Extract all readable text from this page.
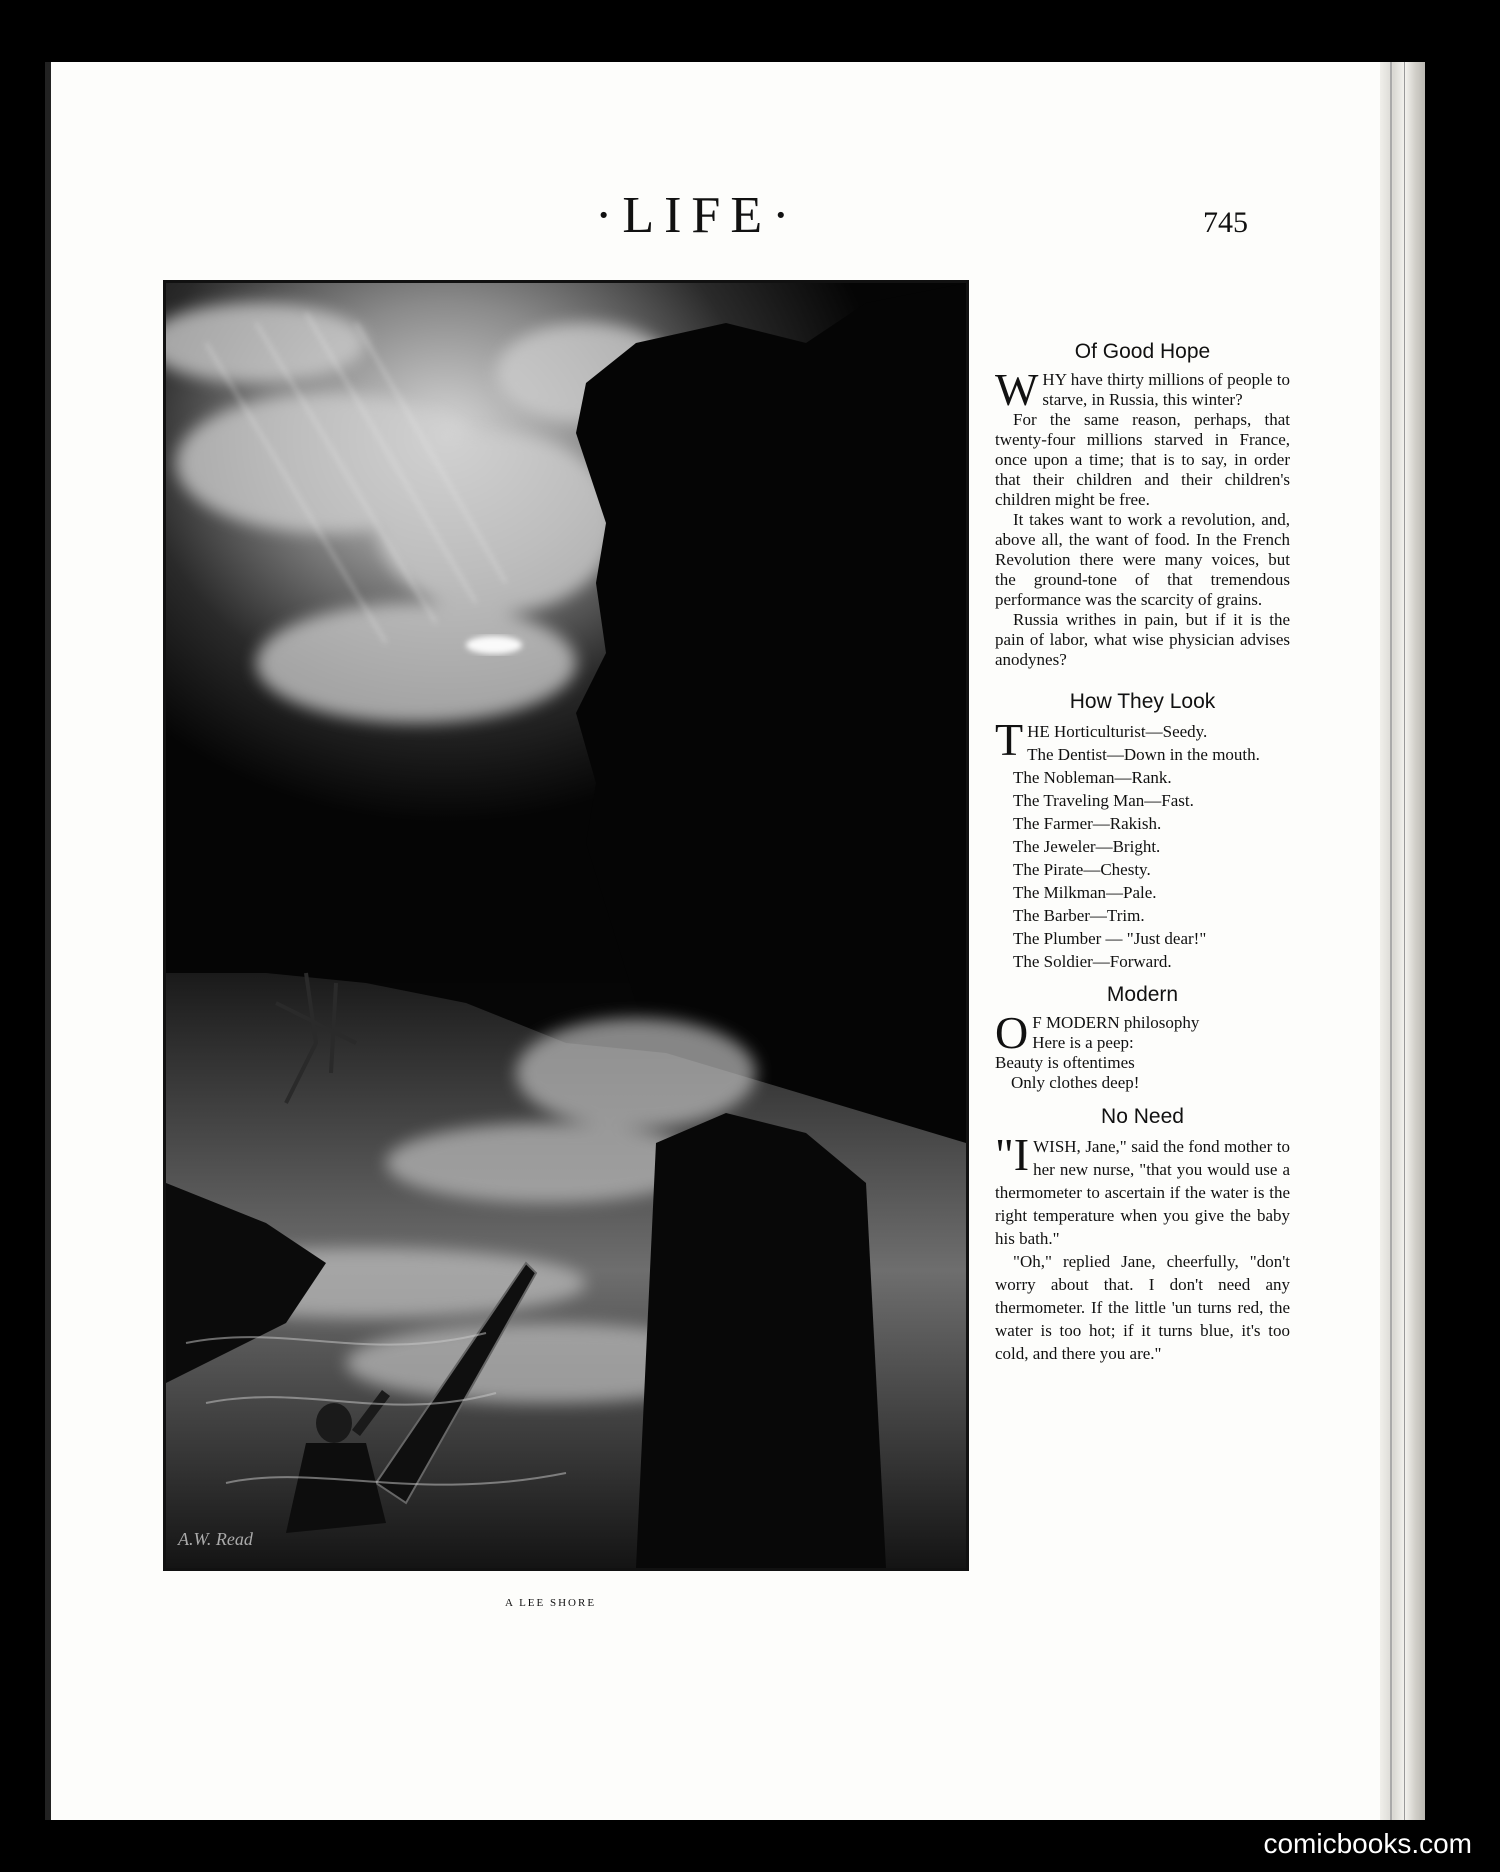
·LIFE·	745
A.W. Read
A LEE SHORE
Of Good Hope

WHY have thirty millions of people to starve, in Russia, this winter?

For the same reason, perhaps, that twenty-four millions starved in France, once upon a time; that is to say, in order that their children and their children's children might be free.

It takes want to work a revolution, and, above all, the want of food. In the French Revolution there were many voices, but the ground-tone of that tremendous performance was the scarcity of grains.

Russia writhes in pain, but if it is the pain of labor, what wise physician advises anodynes?

How They Look

THE Horticulturist—Seedy.
The Dentist—Down in the mouth.

The Nobleman—Rank.
The Traveling Man—Fast.
The Farmer—Rakish.
The Jeweler—Bright.
The Pirate—Chesty.
The Milkman—Pale.
The Barber—Trim.
The Plumber — "Just dear!"
The Soldier—Forward.
Modern
O F MODERN philosophy
Here is a peep:
Beauty is oftentimes
Only clothes deep!
No Need

"I WISH, Jane," said the fond mother to her new nurse, "that you would use a thermometer to ascertain if the water is the right temperature when you give the baby his bath."

"Oh," replied Jane, cheerfully, "don't worry about that. I don't need any thermometer. If the little 'un turns red, the water is too hot; if it turns blue, it's too cold, and there you are."

comicbooks.com
